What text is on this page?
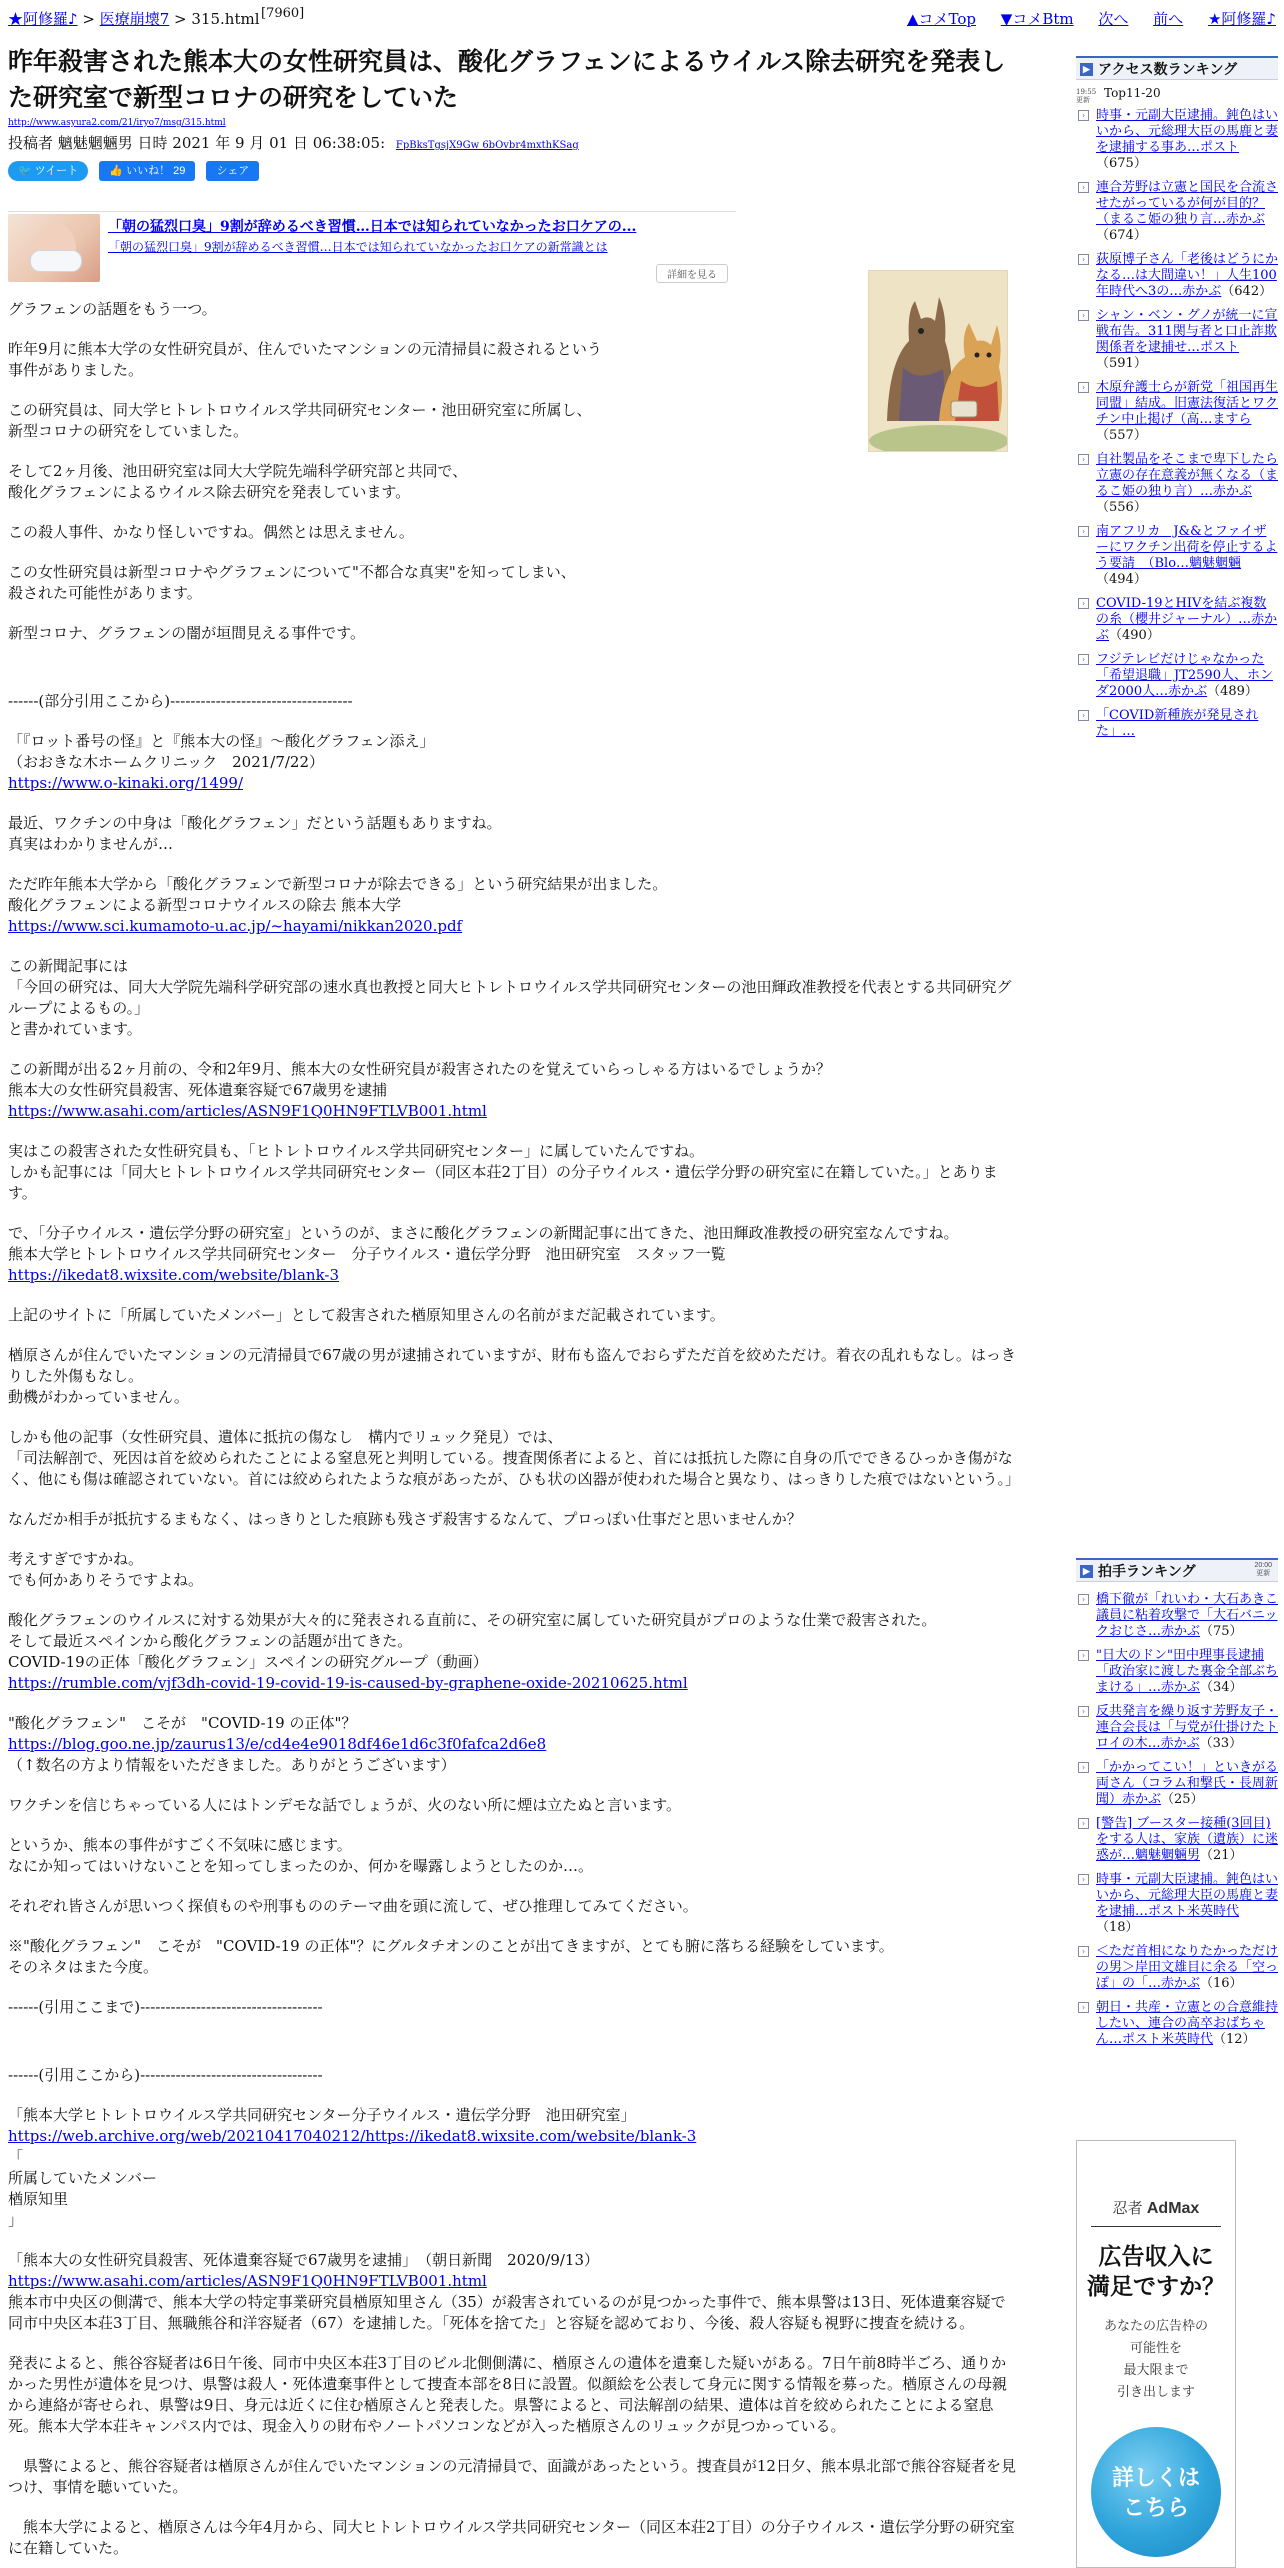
★阿修羅♪ > 医療崩壊7 > 315.html [7960]	▲コメTop ▼コメBtm 次へ 前へ ★阿修羅♪
昨年殺害された熊本大の女性研究員は、酸化グラフェンによるウイルス除去研究を発表した研究室で新型コロナの研究をしていた
http://www.asyura2.com/21/iryo7/msg/315.html
投稿者 魑魅魍魎男 日時 2021 年 9 月 01 日 06:38:05: FpBksTgsjX9Gw 6bOvbr4mxthKSag
🐦 ツイート	👍 いいね！ 29	シェア
「朝の猛烈口臭」9割が辞めるべき習慣…日本では知られていなかったお口ケアの...
「朝の猛烈口臭」9割が辞めるべき習慣…日本では知られていなかったお口ケアの新常識とは
詳細を見る

グラフェンの話題をもう一つ。

昨年9月に熊本大学の女性研究員が、住んでいたマンションの元清掃員に殺されるという
事件がありました。

この研究員は、同大学ヒトレトロウイルス学共同研究センター・池田研究室に所属し、
新型コロナの研究をしていました。

そして2ヶ月後、池田研究室は同大大学院先端科学研究部と共同で、
酸化グラフェンによるウイルス除去研究を発表しています。

この殺人事件、かなり怪しいですね。偶然とは思えません。

この女性研究員は新型コロナやグラフェンについて"不都合な真実"を知ってしまい、
殺された可能性があります。

新型コロナ、グラフェンの闇が垣間見える事件です。

------(部分引用ここから)------------------------------------

「『ロット番号の怪』と『熊本大の怪』～酸化グラフェン添え」
（おおきな木ホームクリニック　2021/7/22）
https://www.o-kinaki.org/1499/

最近、ワクチンの中身は「酸化グラフェン」だという話題もありますね。
真実はわかりませんが…

ただ昨年熊本大学から「酸化グラフェンで新型コロナが除去できる」という研究結果が出ました。
酸化グラフェンによる新型コロナウイルスの除去 熊本大学
https://www.sci.kumamoto-u.ac.jp/~hayami/nikkan2020.pdf

この新聞記事には
「今回の研究は、同大大学院先端科学研究部の速水真也教授と同大ヒトレトロウイルス学共同研究センターの池田輝政准教授を代表とする共同研究グループによるもの。」
と書かれています。

この新聞が出る2ヶ月前の、令和2年9月、熊本大の女性研究員が殺害されたのを覚えていらっしゃる方はいるでしょうか？
熊本大の女性研究員殺害、死体遺棄容疑で67歳男を逮捕
https://www.asahi.com/articles/ASN9F1Q0HN9FTLVB001.html

実はこの殺害された女性研究員も、「ヒトレトロウイルス学共同研究センター」に属していたんですね。
しかも記事には「同大ヒトレトロウイルス学共同研究センター（同区本荘2丁目）の分子ウイルス・遺伝学分野の研究室に在籍していた。」とあります。

で、「分子ウイルス・遺伝学分野の研究室」というのが、まさに酸化グラフェンの新聞記事に出てきた、池田輝政准教授の研究室なんですね。
熊本大学ヒトレトロウイルス学共同研究センター　分子ウイルス・遺伝学分野　池田研究室　スタッフ一覧
https://ikedat8.wixsite.com/website/blank-3

上記のサイトに「所属していたメンバー」として殺害された楢原知里さんの名前がまだ記載されています。

楢原さんが住んでいたマンションの元清掃員で67歳の男が逮捕されていますが、財布も盗んでおらずただ首を絞めただけ。着衣の乱れもなし。はっきりした外傷もなし。
動機がわかっていません。

しかも他の記事（女性研究員、遺体に抵抗の傷なし　構内でリュック発見）では、
「司法解剖で、死因は首を絞められたことによる窒息死と判明している。捜査関係者によると、首には抵抗した際に自身の爪でできるひっかき傷がなく、他にも傷は確認されていない。首には絞められたような痕があったが、ひも状の凶器が使われた場合と異なり、はっきりした痕ではないという。」

なんだか相手が抵抗するまもなく、はっきりとした痕跡も残さず殺害するなんて、プロっぽい仕事だと思いませんか？

考えすぎですかね。
でも何かありそうですよね。

酸化グラフェンのウイルスに対する効果が大々的に発表される直前に、その研究室に属していた研究員がプロのような仕業で殺害された。
そして最近スペインから酸化グラフェンの話題が出てきた。
COVID-19の正体「酸化グラフェン」スペインの研究グループ（動画）
https://rumble.com/vjf3dh-covid-19-covid-19-is-caused-by-graphene-oxide-20210625.html

"酸化グラフェン"　こそが　"COVID-19 の正体"？
https://blog.goo.ne.jp/zaurus13/e/cd4e4e9018df46e1d6c3f0fafca2d6e8
（↑数名の方より情報をいただきました。ありがとうございます）

ワクチンを信じちゃっている人にはトンデモな話でしょうが、火のない所に煙は立たぬと言います。

というか、熊本の事件がすごく不気味に感じます。
なにか知ってはいけないことを知ってしまったのか、何かを曝露しようとしたのか…。

それぞれ皆さんが思いつく探偵ものや刑事もののテーマ曲を頭に流して、ぜひ推理してみてください。

※"酸化グラフェン"　こそが　"COVID-19 の正体"？にグルタチオンのことが出てきますが、とても腑に落ちる経験をしています。
そのネタはまた今度。

------(引用ここまで)------------------------------------

------(引用ここから)------------------------------------

「熊本大学ヒトレトロウイルス学共同研究センター分子ウイルス・遺伝学分野　池田研究室」
https://web.archive.org/web/20210417040212/https://ikedat8.wixsite.com/website/blank-3
「
所属していたメンバー
楢原知里
」

「熊本大の女性研究員殺害、死体遺棄容疑で67歳男を逮捕」　（朝日新聞　2020/9/13）
https://www.asahi.com/articles/ASN9F1Q0HN9FTLVB001.html
熊本市中央区の側溝で、熊本大学の特定事業研究員楢原知里さん（35）が殺害されているのが見つかった事件で、熊本県警は13日、死体遺棄容疑で同市中央区本荘3丁目、無職熊谷和洋容疑者（67）を逮捕した。「死体を捨てた」と容疑を認めており、今後、殺人容疑も視野に捜査を続ける。

発表によると、熊谷容疑者は6日午後、同市中央区本荘3丁目のビル北側側溝に、楢原さんの遺体を遺棄した疑いがある。7日午前8時半ごろ、通りかかった男性が遺体を見つけ、県警は殺人・死体遺棄事件として捜査本部を8日に設置。似顔絵を公表して身元に関する情報を募った。楢原さんの母親から連絡が寄せられ、県警は9日、身元は近くに住む楢原さんと発表した。県警によると、司法解剖の結果、遺体は首を絞められたことによる窒息死。熊本大学本荘キャンパス内では、現金入りの財布やノートパソコンなどが入った楢原さんのリュックが見つかっている。

　県警によると、熊谷容疑者は楢原さんが住んでいたマンションの元清掃員で、面識があったという。捜査員が12日夕、熊本県北部で熊谷容疑者を見つけ、事情を聴いていた。

　熊本大学によると、楢原さんは今年4月から、同大ヒトレトロウイルス学共同研究センター（同区本荘2丁目）の分子ウイルス・遺伝学分野の研究室に在籍していた。

▶ アクセス数ランキング
19:55
更新	Top11-20
› 時事・元副大臣逮捕。鈍色はいいから、元総理大臣の馬鹿と妻を逮捕する事あ…ポスト（675）
› 連合芳野は立憲と国民を合流させたがっているが何が目的？（まるこ姫の独り言…赤かぶ（674）
› 荻原博子さん「老後はどうにかなる…は大間違い！」人生100年時代へ3の…赤かぶ（642）
› シャン・ベン・グノが統一に宣戦布告。311関与者と口止詐欺関係者を逮捕せ…ポスト（591）
› 木原弁護士らが新党「祖国再生同盟」結成。旧憲法復活とワクチン中止掲げ（高…ますら（557）
› 自社製品をそこまで卑下したら立憲の存在意義が無くなる（まるこ姫の独り言）…赤かぶ（556）
› 南アフリカ　J&&とファイザーにワクチン出荷を停止するよう要請　（Blo…魑魅魍魎（494）
› COVID-19とHIVを結ぶ複数の糸（櫻井ジャーナル）…赤かぶ（490）
› フジテレビだけじゃなかった「希望退職」JT2590人、ホンダ2000人…赤かぶ（489）
› 「COVID新種族が発見された」…
▶ 拍手ランキング	20:00
更新
› 橋下徹が「れいわ・大石あきこ議員に粘着攻撃で「大石バニックおじさ…赤かぶ（75）
› "日大のドン"田中理事長逮捕「政治家に渡した裏金全部ぶちまける」…赤かぶ（34）
› 反共発言を繰り返す芳野友子・連合会長は「与党が仕掛けたトロイの木…赤かぶ（33）
› 「かかってこい！」といきがる両さん（コラム和撃氏・長周新聞）赤かぶ（25）
› [警告] ブースター接種(3回目)をする人は、家族（遺族）に迷惑が…魑魅魍魎男（21）
› 時事・元副大臣逮捕。鈍色はいいから、元総理大臣の馬鹿と妻を逮捕…ポスト米英時代（18）
› ＜ただ首相になりたかっただけの男＞岸田文雄目に余る「空っぽ」の「…赤かぶ（16）
› 朝日・共産・立憲との合意維持したい、連合の高卒おばちゃん…ポスト米英時代（12）
忍者 AdMax
広告収入に
満足ですか？
あなたの広告枠の
可能性を
最大限まで
引き出します
詳しくは
こちら
